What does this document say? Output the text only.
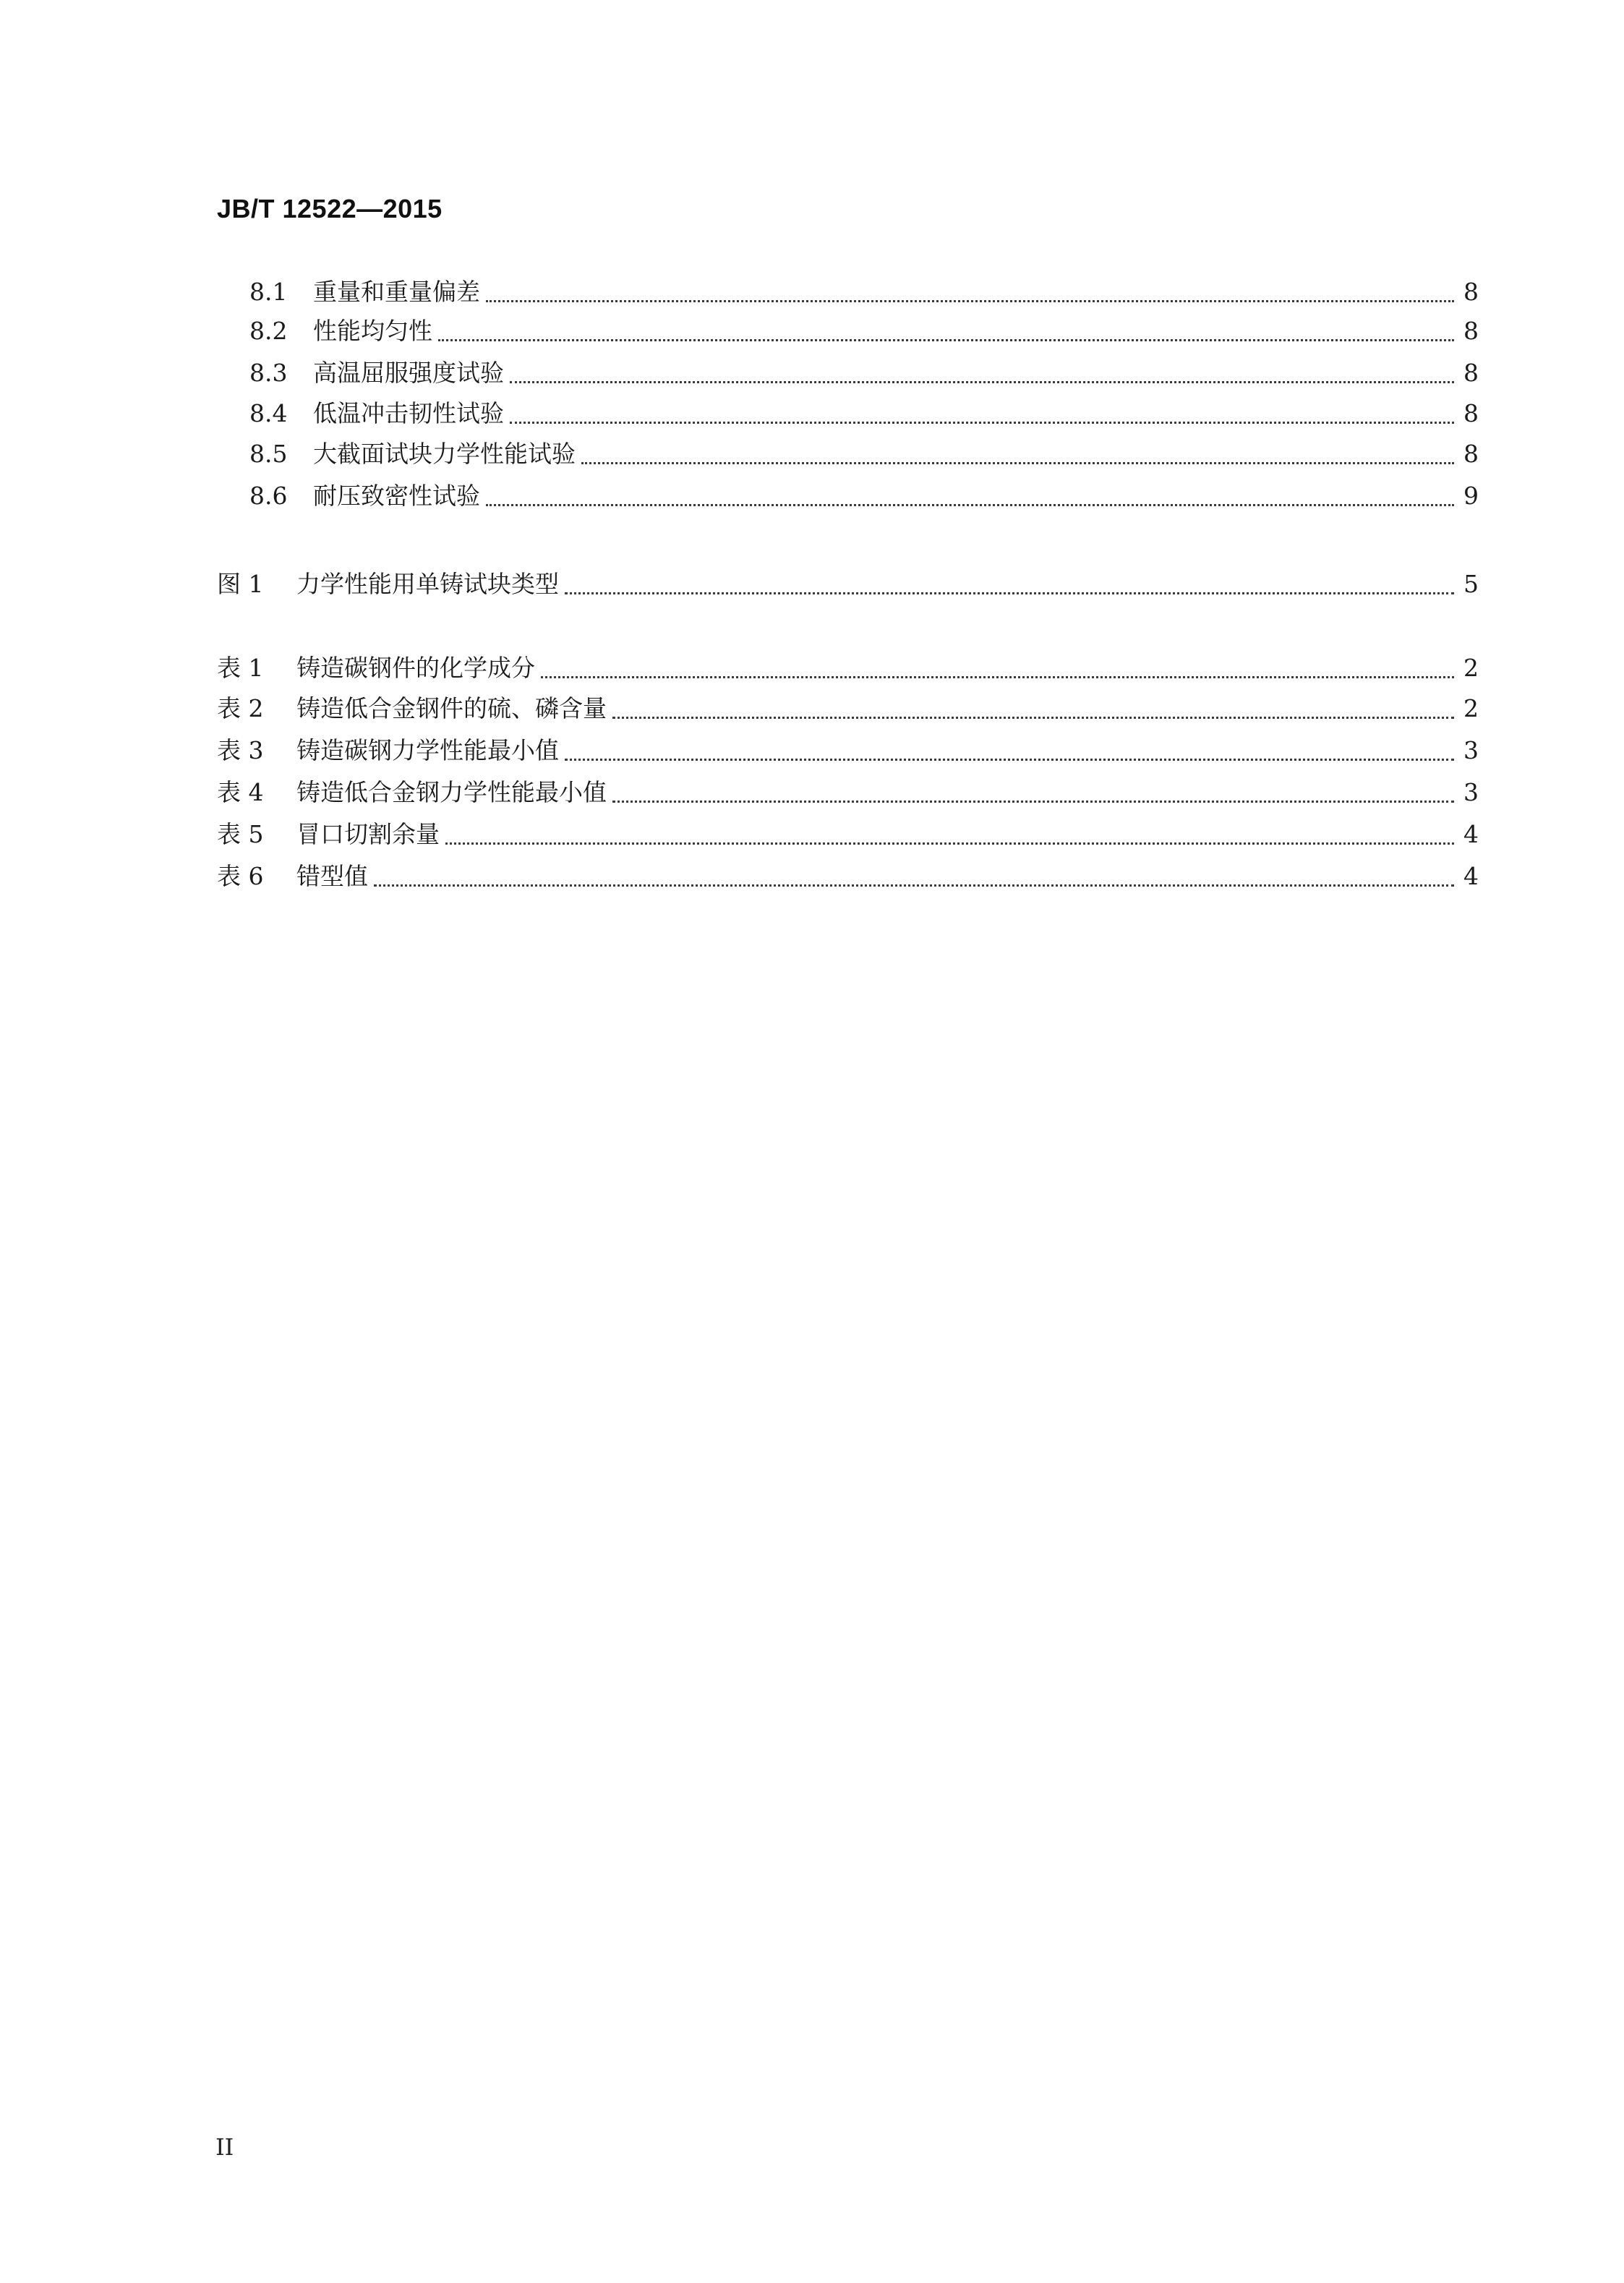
JB/T 12522—2015
8.1	重量和重量偏差	8
8.2	性能均匀性	8
8.3	高温屈服强度试验	8
8.4	低温冲击韧性试验	8
8.5	大截面试块力学性能试验	8
8.6	耐压致密性试验	9
图 1	力学性能用单铸试块类型	5
表 1	铸造碳钢件的化学成分	2
表 2	铸造低合金钢件的硫、磷含量	2
表 3	铸造碳钢力学性能最小值	3
表 4	铸造低合金钢力学性能最小值	3
表 5	冒口切割余量	4
表 6	错型值	4
II
